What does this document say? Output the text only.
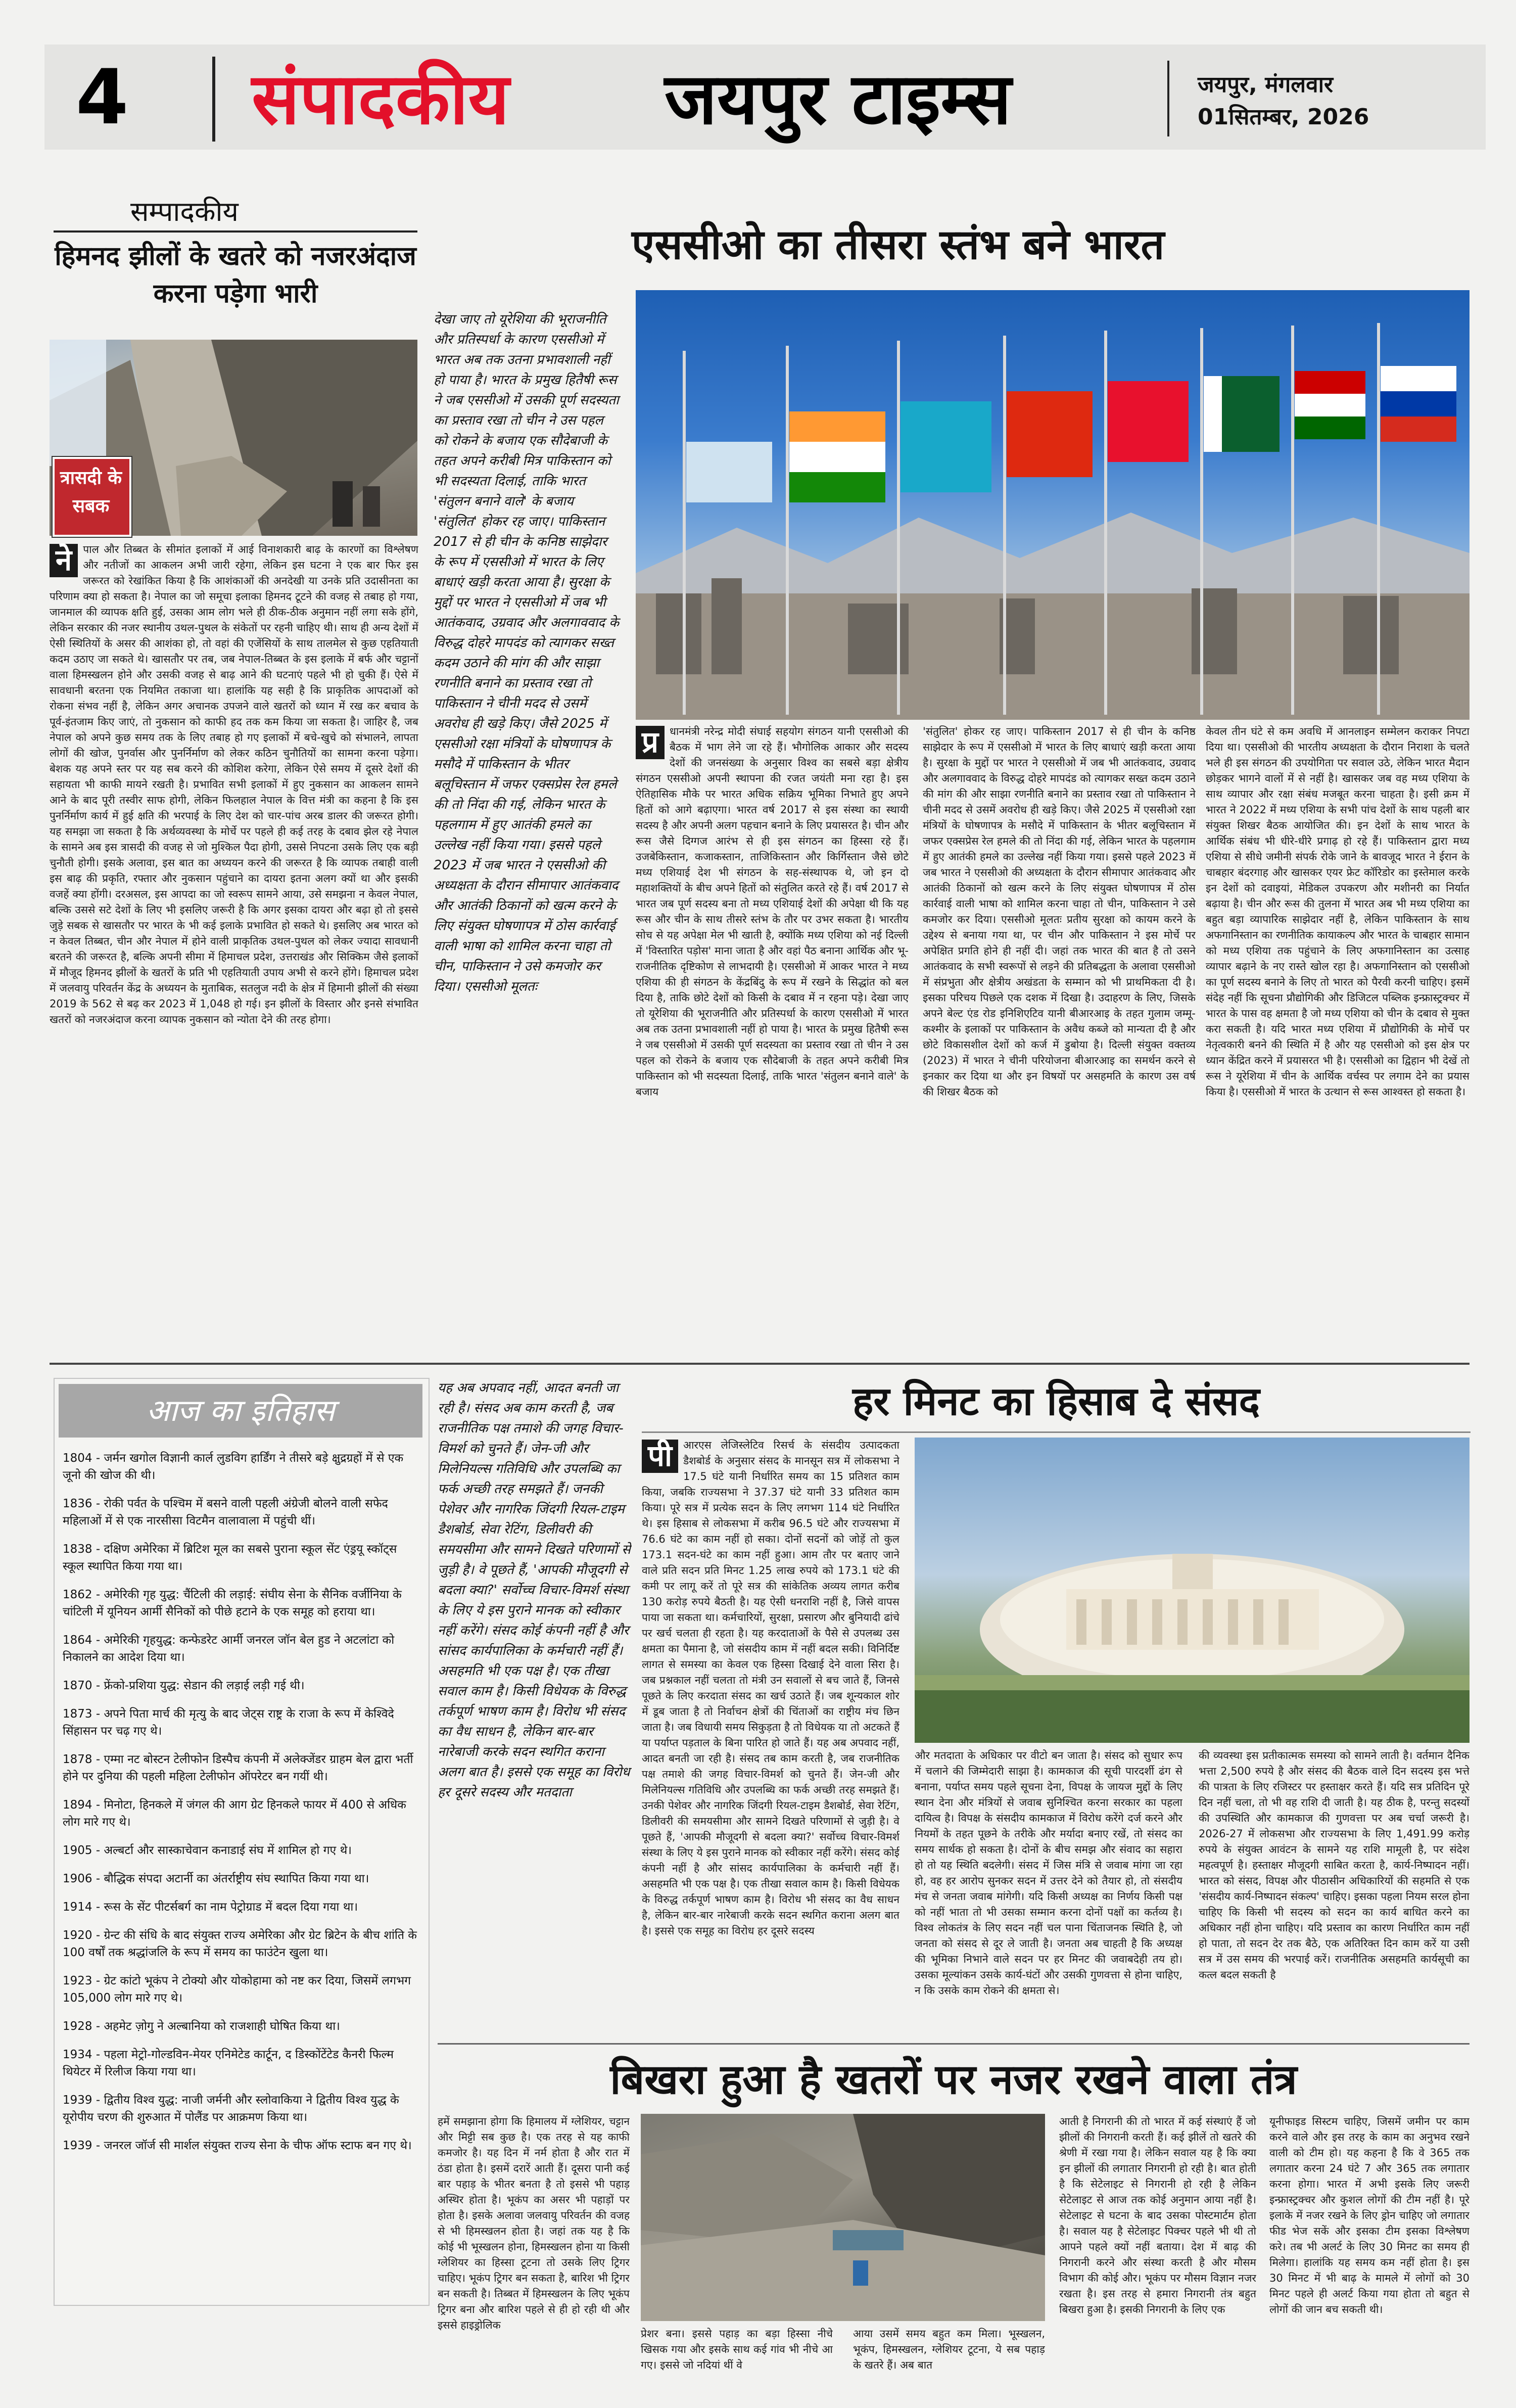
4 संपादकीय जयपुर टाइम्स	जयपुर, मंगलवार
01सितम्बर, 2026
सम्पादकीय
हिमनद झीलों के खतरे को नजरअंदाज करना पड़ेगा भारी
त्रासदी के सबक
ने	पाल और तिब्बत के सीमांत इलाकों में आई विनाशकारी बाढ़ के कारणों का विश्लेषण और नतीजों का आकलन अभी जारी रहेगा, लेकिन इस घटना ने एक बार फिर इस जरूरत को रेखांकित किया है कि आशंकाओं की अनदेखी या उनके प्रति उदासीनता का परिणाम क्या हो सकता है। नेपाल का जो समूचा इलाका हिमनद टूटने की वजह से तबाह हो गया, जानमाल की व्यापक क्षति हुई, उसका आम लोग भले ही ठीक-ठीक अनुमान नहीं लगा सके होंगे, लेकिन सरकार की नजर स्थानीय उथल-पुथल के संकेतों पर रहनी चाहिए थी। साथ ही अन्य देशों में ऐसी स्थितियों के असर की आशंका हो, तो वहां की एजेंसियों के साथ तालमेल से कुछ एहतियाती कदम उठाए जा सकते थे। खासतौर पर तब, जब नेपाल-तिब्बत के इस इलाके में बर्फ और चट्टानों वाला हिमस्खलन होने और उसकी वजह से बाढ़ आने की घटनाएं पहले भी हो चुकी हैं। ऐसे में सावधानी बरतना एक नियमित तकाजा था। हालांकि यह सही है कि प्राकृतिक आपदाओं को रोकना संभव नहीं है, लेकिन अगर अचानक उपजने वाले खतरों को ध्यान में रख कर बचाव के पूर्व-इंतजाम किए जाएं, तो नुकसान को काफी हद तक कम किया जा सकता है। जाहिर है, जब नेपाल को अपने कुछ समय तक के लिए तबाह हो गए इलाकों में बचे-खुचे को संभालने, लापता लोगों की खोज, पुनर्वास और पुनर्निर्माण को लेकर कठिन चुनौतियों का सामना करना पड़ेगा। बेशक यह अपने स्तर पर यह सब करने की कोशिश करेगा, लेकिन ऐसे समय में दूसरे देशों की सहायता भी काफी मायने रखती है। प्रभावित सभी इलाकों में हुए नुकसान का आकलन सामने आने के बाद पूरी तस्वीर साफ होगी, लेकिन फिलहाल नेपाल के वित्त मंत्री का कहना है कि इस पुनर्निर्माण कार्य में हुई क्षति की भरपाई के लिए देश को चार-पांच अरब डालर की जरूरत होगी। यह समझा जा सकता है कि अर्थव्यवस्था के मोर्चे पर पहले ही कई तरह के दबाव झेल रहे नेपाल के सामने अब इस त्रासदी की वजह से जो मुश्किल पैदा होगी, उससे निपटना उसके लिए एक बड़ी चुनौती होगी। इसके अलावा, इस बात का अध्ययन करने की जरूरत है कि व्यापक तबाही वाली इस बाढ़ की प्रकृति, रफ्तार और नुकसान पहुंचाने का दायरा इतना अलग क्यों था और इसकी वजहें क्या होंगी। दरअसल, इस आपदा का जो स्वरूप सामने आया, उसे समझना न केवल नेपाल, बल्कि उससे सटे देशों के लिए भी इसलिए जरूरी है कि अगर इसका दायरा और बढ़ा हो तो इससे जुड़े सबक से खासतौर पर भारत के भी कई इलाके प्रभावित हो सकते थे। इसलिए अब भारत को न केवल तिब्बत, चीन और नेपाल में होने वाली प्राकृतिक उथल-पुथल को लेकर ज्यादा सावधानी बरतने की जरूरत है, बल्कि अपनी सीमा में हिमाचल प्रदेश, उत्तराखंड और सिक्किम जैसे इलाकों में मौजूद हिमनद झीलों के खतरों के प्रति भी एहतियाती उपाय अभी से करने होंगे। हिमाचल प्रदेश में जलवायु परिवर्तन केंद्र के अध्ययन के मुताबिक, सतलुज नदी के क्षेत्र में हिमानी झीलों की संख्या 2019 के 562 से बढ़ कर 2023 में 1,048 हो गई। इन झीलों के विस्तार और इनसे संभावित खतरों को नजरअंदाज करना व्यापक नुकसान को न्योता देने की तरह होगा।
देखा जाए तो यूरेशिया की भूराजनीति और प्रतिस्पर्धा के कारण एससीओ में भारत अब तक उतना प्रभावशाली नहीं हो पाया है। भारत के प्रमुख हितैषी रूस ने जब एससीओ में उसकी पूर्ण सदस्यता का प्रस्ताव रखा तो चीन ने उस पहल को रोकने के बजाय एक सौदेबाजी के तहत अपने करीबी मित्र पाकिस्तान को भी सदस्यता दिलाई, ताकि भारत 'संतुलन बनाने वाले' के बजाय 'संतुलित' होकर रह जाए। पाकिस्तान 2017 से ही चीन के कनिष्ठ साझेदार के रूप में एससीओ में भारत के लिए बाधाएं खड़ी करता आया है। सुरक्षा के मुद्दों पर भारत ने एससीओ में जब भी आतंकवाद, उग्रवाद और अलगाववाद के विरुद्ध दोहरे मापदंड को त्यागकर सख्त कदम उठाने की मांग की और साझा रणनीति बनाने का प्रस्ताव रखा तो पाकिस्तान ने चीनी मदद से उसमें अवरोध ही खड़े किए। जैसे 2025 में एससीओ रक्षा मंत्रियों के घोषणापत्र के मसौदे में पाकिस्तान के भीतर बलूचिस्तान में जफर एक्सप्रेस रेल हमले की तो निंदा की गई, लेकिन भारत के पहलगाम में हुए आतंकी हमले का उल्लेख नहीं किया गया। इससे पहले 2023 में जब भारत ने एससीओ की अध्यक्षता के दौरान सीमापार आतंकवाद और आतंकी ठिकानों को खत्म करने के लिए संयुक्त घोषणापत्र में ठोस कार्रवाई वाली भाषा को शामिल करना चाहा तो चीन, पाकिस्तान ने उसे कमजोर कर दिया। एससीओ मूलतः
एससीओ का तीसरा स्तंभ बने भारत
प्र	धानमंत्री नरेन्द्र मोदी संघाई सहयोग संगठन यानी एससीओ की बैठक में भाग लेने जा रहे हैं। भौगोलिक आकार और सदस्य देशों की जनसंख्या के अनुसार विश्व का सबसे बड़ा क्षेत्रीय संगठन एससीओ अपनी स्थापना की रजत जयंती मना रहा है। इस ऐतिहासिक मौके पर भारत अधिक सक्रिय भूमिका निभाते हुए अपने हितों को आगे बढ़ाएगा। भारत वर्ष 2017 से इस संस्था का स्थायी सदस्य है और अपनी अलग पहचान बनाने के लिए प्रयासरत है। चीन और रूस जैसे दिग्गज आरंभ से ही इस संगठन का हिस्सा रहे हैं। उजबेकिस्तान, कजाकस्तान, ताजिकिस्तान और किर्गिस्तान जैसे छोटे मध्य एशियाई देश भी संगठन के सह-संस्थापक थे, जो इन दो महाशक्तियों के बीच अपने हितों को संतुलित करते रहे हैं। वर्ष 2017 से भारत जब पूर्ण सदस्य बना तो मध्य एशियाई देशों की अपेक्षा थी कि यह रूस और चीन के साथ तीसरे स्तंभ के तौर पर उभर सकता है। भारतीय सोच से यह अपेक्षा मेल भी खाती है, क्योंकि मध्य एशिया को नई दिल्ली में 'विस्तारित पड़ोस' माना जाता है और वहां पैठ बनाना आर्थिक और भू-राजनीतिक दृष्टिकोण से लाभदायी है। एससीओ में आकर भारत ने मध्य एशिया की ही संगठन के केंद्रबिंदु के रूप में रखने के सिद्धांत को बल दिया है, ताकि छोटे देशों को किसी के दबाव में न रहना पड़े। देखा जाए तो यूरेशिया की भूराजनीति और प्रतिस्पर्धा के कारण एससीओ में भारत अब तक उतना प्रभावशाली नहीं हो पाया है। भारत के प्रमुख हितैषी रूस ने जब एससीओ में उसकी पूर्ण सदस्यता का प्रस्ताव रखा तो चीन ने उस पहल को रोकने के बजाय एक सौदेबाजी के तहत अपने करीबी मित्र पाकिस्तान को भी सदस्यता दिलाई, ताकि भारत 'संतुलन बनाने वाले' के बजाय
'संतुलित' होकर रह जाए। पाकिस्तान 2017 से ही चीन के कनिष्ठ साझेदार के रूप में एससीओ में भारत के लिए बाधाएं खड़ी करता आया है। सुरक्षा के मुद्दों पर भारत ने एससीओ में जब भी आतंकवाद, उग्रवाद और अलगाववाद के विरुद्ध दोहरे मापदंड को त्यागकर सख्त कदम उठाने की मांग की और साझा रणनीति बनाने का प्रस्ताव रखा तो पाकिस्तान ने चीनी मदद से उसमें अवरोध ही खड़े किए। जैसे 2025 में एससीओ रक्षा मंत्रियों के घोषणापत्र के मसौदे में पाकिस्तान के भीतर बलूचिस्तान में जफर एक्सप्रेस रेल हमले की तो निंदा की गई, लेकिन भारत के पहलगाम में हुए आतंकी हमले का उल्लेख नहीं किया गया। इससे पहले 2023 में जब भारत ने एससीओ की अध्यक्षता के दौरान सीमापार आतंकवाद और आतंकी ठिकानों को खत्म करने के लिए संयुक्त घोषणापत्र में ठोस कार्रवाई वाली भाषा को शामिल करना चाहा तो चीन, पाकिस्तान ने उसे कमजोर कर दिया। एससीओ मूलतः प्रतीय सुरक्षा को कायम करने के उद्देश्य से बनाया गया था, पर चीन और पाकिस्तान ने इस मोर्चे पर अपेक्षित प्रगति होने ही नहीं दी। जहां तक भारत की बात है तो उसने आतंकवाद के सभी स्वरूपों से लड़ने की प्रतिबद्धता के अलावा एससीओ में संप्रभुता और क्षेत्रीय अखंडता के सम्मान को भी प्राथमिकता दी है। इसका परिचय पिछले एक दशक में दिखा है। उदाहरण के लिए, जिसके अपने बेल्ट एंड रोड इनिशिएटिव यानी बीआरआइ के तहत गुलाम जम्मू-कश्मीर के इलाकों पर पाकिस्तान के अवैध कब्जे को मान्यता दी है और छोटे विकासशील देशों को कर्ज में डुबोया है। दिल्ली संयुक्त वक्तव्य (2023) में भारत ने चीनी परियोजना बीआरआइ का समर्थन करने से इनकार कर दिया था और इन विषयों पर असहमति के कारण उस वर्ष की शिखर बैठक को
केवल तीन घंटे से कम अवधि में आनलाइन सम्मेलन कराकर निपटा दिया था। एससीओ की भारतीय अध्यक्षता के दौरान निराशा के चलते भले ही इस संगठन की उपयोगिता पर सवाल उठे, लेकिन भारत मैदान छोड़कर भागने वालों में से नहीं है। खासकर जब वह मध्य एशिया के साथ व्यापार और रक्षा संबंध मजबूत करना चाहता है। इसी क्रम में भारत ने 2022 में मध्य एशिया के सभी पांच देशों के साथ पहली बार संयुक्त शिखर बैठक आयोजित की। इन देशों के साथ भारत के आर्थिक संबंध भी धीरे-धीरे प्रगाढ़ हो रहे हैं। पाकिस्तान द्वारा मध्य एशिया से सीधे जमीनी संपर्क रोके जाने के बावजूद भारत ने ईरान के चाबहार बंदरगाह और खासकर एयर फ्रेट कॉरिडोर का इस्तेमाल करके इन देशों को दवाइयां, मेडिकल उपकरण और मशीनरी का निर्यात बढ़ाया है। चीन और रूस की तुलना में भारत अब भी मध्य एशिया का बहुत बड़ा व्यापारिक साझेदार नहीं है, लेकिन पाकिस्तान के साथ अफगानिस्तान का रणनीतिक कायाकल्प और भारत के चाबहार सामान को मध्य एशिया तक पहुंचाने के लिए अफगानिस्तान का उत्साह व्यापार बढ़ाने के नए रास्ते खोल रहा है। अफगानिस्तान को एससीओ का पूर्ण सदस्य बनाने के लिए तो भारत को पैरवी करनी चाहिए। इसमें संदेह नहीं कि सूचना प्रौद्योगिकी और डिजिटल पब्लिक इन्फ्रास्ट्रक्चर में भारत के पास वह क्षमता है जो मध्य एशिया को चीन के दबाव से मुक्त करा सकती है। यदि भारत मध्य एशिया में प्रौद्योगिकी के मोर्चे पर नेतृत्वकारी बनने की स्थिति में है और यह एससीओ को इस क्षेत्र पर ध्यान केंद्रित करने में प्रयासरत भी है। एससीओ का द्विहान भी देखें तो रूस ने यूरेशिया में चीन के आर्थिक वर्चस्व पर लगाम देने का प्रयास किया है। एससीओ में भारत के उत्थान से रूस आश्वस्त हो सकता है।
आज का इतिहास
1804 - जर्मन खगोल विज्ञानी कार्ल लुडविग हार्डिंग ने तीसरे बड़े क्षुद्रग्रहों में से एक जूनो की खोज की थी।
1836 - रोकी पर्वत के पश्चिम में बसने वाली पहली अंग्रेजी बोलने वाली सफेद महिलाओं में से एक नारसीसा विटमैन वालावाला में पहुंची थीं।
1838 - दक्षिण अमेरिका में ब्रिटिश मूल का सबसे पुराना स्कूल सेंट एंड्रयू स्कॉट्स स्कूल स्थापित किया गया था।
1862 - अमेरिकी गृह युद्ध: चैंटिली की लड़ाई: संघीय सेना के सैनिक वर्जीनिया के चांटिली में यूनियन आर्मी सैनिकों को पीछे हटाने के एक समूह को हराया था।
1864 - अमेरिकी गृहयुद्ध: कन्फेडरेट आर्मी जनरल जॉन बेल हुड ने अटलांटा को निकालने का आदेश दिया था।
1870 - फ्रेंको-प्रशिया युद्ध: सेडान की लड़ाई लड़ी गई थी।
1873 - अपने पिता मार्च की मृत्यु के बाद जेट्स राष्ट्र के राजा के रूप में केश्विदे सिंहासन पर चढ़ गए थे।
1878 - एम्मा नट बोस्टन टेलीफोन डिस्पैच कंपनी में अलेक्जेंडर ग्राहम बेल द्वारा भर्ती होने पर दुनिया की पहली महिला टेलीफोन ऑपरेटर बन गयीं थी।
1894 - मिनोटा, हिनकले में जंगल की आग ग्रेट हिनकले फायर में 400 से अधिक लोग मारे गए थे।
1905 - अल्बर्टा और सास्काचेवान कनाडाई संघ में शामिल हो गए थे।
1906 - बौद्धिक संपदा अटार्नी का अंतर्राष्ट्रीय संघ स्थापित किया गया था।
1914 - रूस के सेंट पीटर्सबर्ग का नाम पेट्रोग्राड में बदल दिया गया था।
1920 - ग्रेन्ट की संधि के बाद संयुक्त राज्य अमेरिका और ग्रेट ब्रिटेन के बीच शांति के 100 वर्षों तक श्रद्धांजलि के रूप में समय का फाउंटेन खुला था।
1923 - ग्रेट कांटो भूकंप ने टोक्यो और योकोहामा को नष्ट कर दिया, जिसमें लगभग 105,000 लोग मारे गए थे।
1928 - अहमेट ज़ोगु ने अल्बानिया को राजशाही घोषित किया था।
1934 - पहला मेट्रो-गोल्डविन-मेयर एनिमेटेड कार्टून, द डिस्कोंटेंटेड कैनरी फिल्म थियेटर में रिलीज किया गया था।
1939 - द्वितीय विश्व युद्ध: नाजी जर्मनी और स्लोवाकिया ने द्वितीय विश्व युद्ध के यूरोपीय चरण की शुरुआत में पोलैंड पर आक्रमण किया था।
1939 - जनरल जॉर्ज सी मार्शल संयुक्त राज्य सेना के चीफ ऑफ स्टाफ बन गए थे।
यह अब अपवाद नहीं, आदत बनती जा रही है। संसद अब काम करती है, जब राजनीतिक पक्ष तमाशे की जगह विचार-विमर्श को चुनते हैं। जेन-जी और मिलेनियल्स गतिविधि और उपलब्धि का फर्क अच्छी तरह समझते हैं। जनकी पेशेवर और नागरिक जिंदगी रियल-टाइम डैशबोर्ड, सेवा रेटिंग, डिलीवरी की समयसीमा और सामने दिखते परिणामों से जुड़ी है। वे पूछते हैं, 'आपकी मौजूदगी से बदला क्या?' सर्वोच्च विचार-विमर्श संस्था के लिए ये इस पुराने मानक को स्वीकार नहीं करेंगे। संसद कोई कंपनी नहीं है और सांसद कार्यपालिका के कर्मचारी नहीं हैं। असहमति भी एक पक्ष है। एक तीखा सवाल काम है। किसी विधेयक के विरुद्ध तर्कपूर्ण भाषण काम है। विरोध भी संसद का वैध साधन है, लेकिन बार-बार नारेबाजी करके सदन स्थगित कराना अलग बात है। इससे एक समूह का विरोध हर दूसरे सदस्य और मतदाता
हर मिनट का हिसाब दे संसद
पी	आरएस लेजिस्लेटिव रिसर्च के संसदीय उत्पादकता डैशबोर्ड के अनुसार संसद के मानसून सत्र में लोकसभा ने 17.5 घंटे यानी निर्धारित समय का 15 प्रतिशत काम किया, जबकि राज्यसभा ने 37.37 घंटे यानी 33 प्रतिशत काम किया। पूरे सत्र में प्रत्येक सदन के लिए लगभग 114 घंटे निर्धारित थे। इस हिसाब से लोकसभा में करीब 96.5 घंटे और राज्यसभा में 76.6 घंटे का काम नहीं हो सका। दोनों सदनों को जोड़ें तो कुल 173.1 सदन-घंटे का काम नहीं हुआ। आम तौर पर बताए जाने वाले प्रति सदन प्रति मिनट 1.25 लाख रुपये को 173.1 घंटे की कमी पर लागू करें तो पूरे सत्र की सांकेतिक अव्यय लागत करीब 130 करोड़ रुपये बैठती है। यह ऐसी धनराशि नहीं है, जिसे वापस पाया जा सकता था। कर्मचारियों, सुरक्षा, प्रसारण और बुनियादी ढांचे पर खर्च चलता ही रहता है। यह करदाताओं के पैसे से उपलब्ध उस क्षमता का पैमाना है, जो संसदीय काम में नहीं बदल सकी। विनिर्दिष्ट लागत से समस्या का केवल एक हिस्सा दिखाई देने वाला सिरा है। जब प्रश्नकाल नहीं चलता तो मंत्री उन सवालों से बच जाते हैं, जिनसे पूछते के लिए करदाता संसद का खर्च उठाते हैं। जब शून्यकाल शोर में डूब जाता है तो निर्वाचन क्षेत्रों की चिंताओं का राष्ट्रीय मंच छिन जाता है। जब विधायी समय सिकुड़ता है तो विधेयक या तो अटकते हैं या पर्याप्त पड़ताल के बिना पारित हो जाते हैं। यह अब अपवाद नहीं, आदत बनती जा रही है। संसद तब काम करती है, जब राजनीतिक पक्ष तमाशे की जगह विचार-विमर्श को चुनते हैं। जेन-जी और मिलेनियल्स गतिविधि और उपलब्धि का फर्क अच्छी तरह समझते हैं। उनकी पेशेवर और नागरिक जिंदगी रियल-टाइम डैशबोर्ड, सेवा रेटिंग, डिलीवरी की समयसीमा और सामने दिखते परिणामों से जुड़ी है। वे पूछते हैं, 'आपकी मौजूदगी से बदला क्या?' सर्वोच्च विचार-विमर्श संस्था के लिए ये इस पुराने मानक को स्वीकार नहीं करेंगे। संसद कोई कंपनी नहीं है और सांसद कार्यपालिका के कर्मचारी नहीं हैं। असहमति भी एक पक्ष है। एक तीखा सवाल काम है। किसी विधेयक के विरुद्ध तर्कपूर्ण भाषण काम है। विरोध भी संसद का वैध साधन है, लेकिन बार-बार नारेबाजी करके सदन स्थगित कराना अलग बात है। इससे एक समूह का विरोध हर दूसरे सदस्य
और मतदाता के अधिकार पर वीटो बन जाता है। संसद को सुधार रूप में चलाने की जिम्मेदारी साझा है। कामकाज की सूची पारदर्शी ढंग से बनाना, पर्याप्त समय पहले सूचना देना, विपक्ष के जायज मुद्दों के लिए स्थान देना और मंत्रियों से जवाब सुनिश्चित करना सरकार का पहला दायित्व है। विपक्ष के संसदीय कामकाज में विरोध करेंगे दर्ज करने और नियमों के तहत पूछने के तरीके और मर्यादा बनाए रखें, तो संसद का समय सार्थक हो सकता है। दोनों के बीच समझ और संवाद का सहारा हो तो यह स्थिति बदलेगी। संसद में जिस मंत्रि से जवाब मांगा जा रहा हो, वह हर आरोप सुनकर सदन में उत्तर देने को तैयार हो, तो संसदीय मंच से जनता जवाब मांगेगी। यदि किसी अध्यक्ष का निर्णय किसी पक्ष को नहीं भाता तो भी उसका सम्मान करना दोनों पक्षों का कर्तव्य है। विश्व लोकतंत्र के लिए सदन नहीं चल पाना चिंताजनक स्थिति है, जो जनता को संसद से दूर ले जाती है। जनता अब चाहती है कि अध्यक्ष की भूमिका निभाने वाले सदन पर हर मिनट की जवाबदेही तय हो। उसका मूल्यांकन उसके कार्य-घंटों और उसकी गुणवत्ता से होना चाहिए, न कि उसके काम रोकने की क्षमता से।
की व्यवस्था इस प्रतीकात्मक समस्या को सामने लाती है। वर्तमान दैनिक भत्ता 2,500 रुपये है और संसद की बैठक वाले दिन सदस्य इस भत्ते की पात्रता के लिए रजिस्टर पर हस्ताक्षर करते हैं। यदि सत्र प्रतिदिन पूरे दिन नहीं चला, तो भी वह राशि दी जाती है। यह ठीक है, परन्तु सदस्यों की उपस्थिति और कामकाज की गुणवत्ता पर अब चर्चा जरूरी है। 2026-27 में लोकसभा और राज्यसभा के लिए 1,491.99 करोड़ रुपये के संयुक्त आवंटन के सामने यह राशि मामूली है, पर संदेश महत्वपूर्ण है। हस्ताक्षर मौजूदगी साबित करता है, कार्य-निष्पादन नहीं। भारत को संसद, विपक्ष और पीठासीन अधिकारियों की सहमति से एक 'संसदीय कार्य-निष्पादन संकल्प' चाहिए। इसका पहला नियम सरल होना चाहिए कि किसी भी सदस्य को सदन का कार्य बाधित करने का अधिकार नहीं होना चाहिए। यदि प्रस्ताव का कारण निर्धारित काम नहीं हो पाता, तो सदन देर तक बैठे, एक अतिरिक्त दिन काम करें या उसी सत्र में उस समय की भरपाई करें। राजनीतिक असहमति कार्यसूची का कत्ल बदल सकती है
बिखरा हुआ है खतरों पर नजर रखने वाला तंत्र
हमें समझाना होगा कि हिमालय में ग्लेशियर, चट्टान और मिट्टी सब कुछ है। एक तरह से यह काफी कमजोर है। यह दिन में नर्म होता है और रात में ठंडा होता है। इसमें दरारें आती हैं। दूसरा पानी कई बार पहाड़ के भीतर बनता है तो इससे भी पहाड़ अस्थिर होता है। भूकंप का असर भी पहाड़ों पर होता है। इसके अलावा जलवायु परिवर्तन की वजह से भी हिमस्खलन होता है। जहां तक यह है कि कोई भी भूस्खलन होना, हिमस्खलन होना या किसी ग्लेशियर का हिस्सा टूटना तो उसके लिए ट्रिगर चाहिए। भूकंप ट्रिगर बन सकता है, बारिश भी ट्रिगर बन सकती है। तिब्बत में हिमस्खलन के लिए भूकंप ट्रिगर बना और बारिश पहले से ही हो रही थी और इससे हाइड्रोलिक
प्रेशर बना। इससे पहाड़ का बड़ा हिस्सा नीचे खिसक गया और इसके साथ कई गांव भी नीचे आ गए। इससे जो नदियां थीं वे
आया उसमें समय बहुत कम मिला। भूस्खलन, भूकंप, हिमस्खलन, ग्लेशियर टूटना, ये सब पहाड़ के खतरे हैं। अब बात
आती है निगरानी की तो भारत में कई संस्थाएं हैं जो झीलों की निगरानी करती हैं। कई झीलें तो खतरे की श्रेणी में रखा गया है। लेकिन सवाल यह है कि क्या इन झीलों की लगातार निगरानी हो रही है। बात होती है कि सेटेलाइट से निगरानी हो रही है लेकिन सेटेलाइट से आज तक कोई अनुमान आया नहीं है। सेटेलाइट से घटना के बाद उसका पोस्टमार्टम होता है। सवाल यह है सेटेलाइट पिक्चर पहले भी थी तो आपने पहले क्यों नहीं बताया। देश में बाढ़ की निगरानी करने और संस्था करती है और मौसम विभाग की कोई और। भूकंप पर मौसम विज्ञान नजर रखता है। इस तरह से हमारा निगरानी तंत्र बहुत बिखरा हुआ है। इसकी निगरानी के लिए एक
यूनीफाइड सिस्टम चाहिए, जिसमें जमीन पर काम करने वाले और इस तरह के काम का अनुभव रखने वाली को टीम हो। यह कहना है कि वे 365 तक लगातार करना 24 घंटे 7 और 365 तक लगातार करना होगा। भारत में अभी इसके लिए जरूरी इन्फ्रास्ट्रक्चर और कुशल लोगों की टीम नहीं है। पूरे इलाके में नजर रखने के लिए ड्रोन चाहिए जो लगातार फीड भेज सकें और इसका टीम इसका विश्लेषण करे। तब भी अलर्ट के लिए 30 मिनट का समय ही मिलेगा। हालांकि यह समय कम नहीं होता है। इस 30 मिनट में भी बाढ़ के मामले में लोगों को 30 मिनट पहले ही अलर्ट किया गया होता तो बहुत से लोगों की जान बच सकती थी।
